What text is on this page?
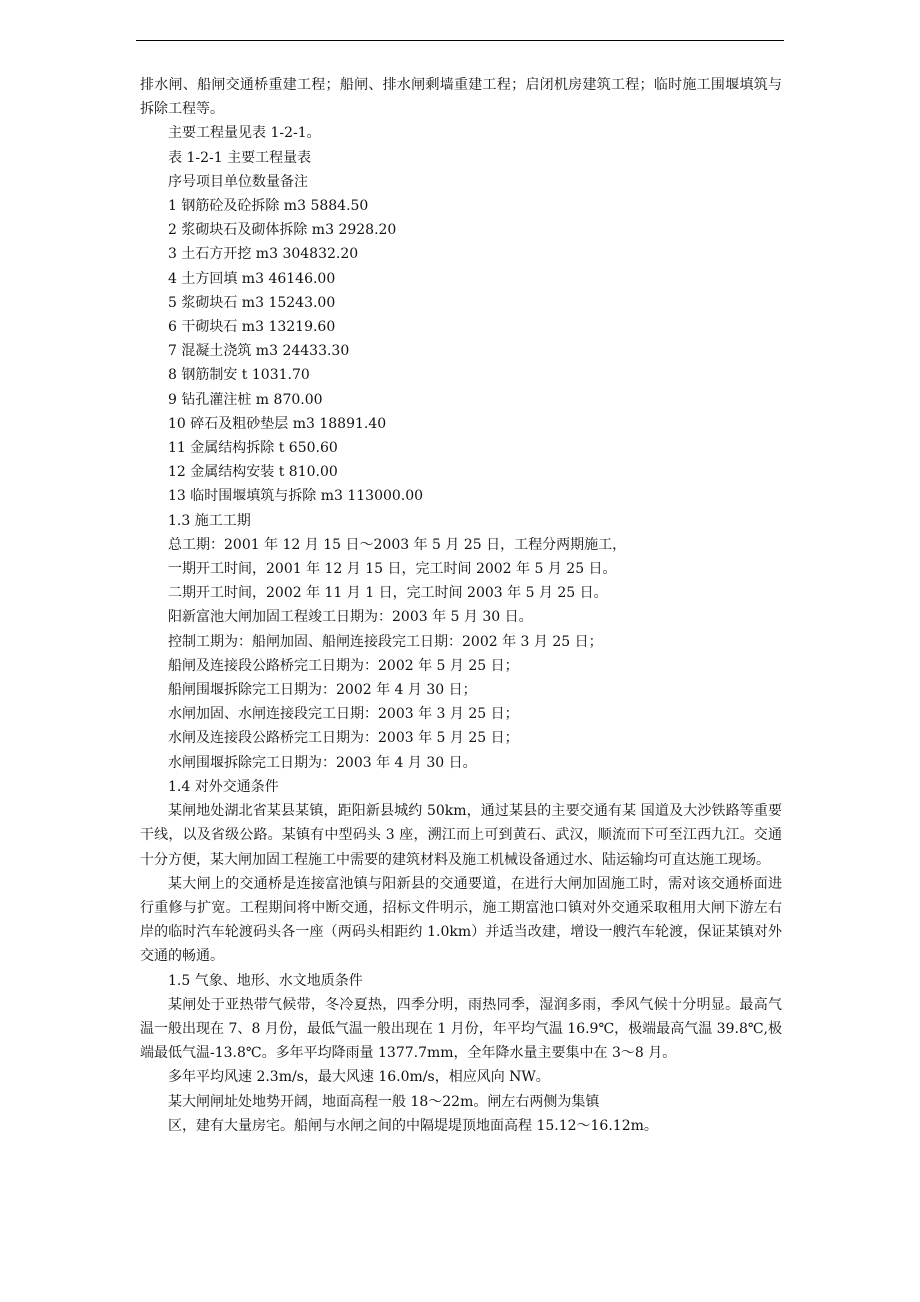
排水闸、船闸交通桥重建工程；船闸、排水闸剩墙重建工程；启闭机房建筑工程；临时施工围堰填筑与拆除工程等。

主要工程量见表 1-2-1。

表 1-2-1 主要工程量表

序号项目单位数量备注

1 钢筋砼及砼拆除 m3 5884.50

2 浆砌块石及砌体拆除 m3 2928.20

3 土石方开挖 m3 304832.20

4 土方回填 m3 46146.00

5 浆砌块石 m3 15243.00

6 干砌块石 m3 13219.60

7 混凝土浇筑 m3 24433.30

8 钢筋制安 t 1031.70

9 钻孔灌注桩 m 870.00

10 碎石及粗砂垫层 m3 18891.40

11 金属结构拆除 t 650.60

12 金属结构安装 t 810.00

13 临时围堰填筑与拆除 m3 113000.00

1.3 施工工期

总工期：2001 年 12 月 15 日～2003 年 5 月 25 日，工程分两期施工，

一期开工时间，2001 年 12 月 15 日，完工时间 2002 年 5 月 25 日。

二期开工时间，2002 年 11 月 1 日，完工时间 2003 年 5 月 25 日。

阳新富池大闸加固工程竣工日期为：2003 年 5 月 30 日。

控制工期为：船闸加固、船闸连接段完工日期：2002 年 3 月 25 日；

船闸及连接段公路桥完工日期为：2002 年 5 月 25 日；

船闸围堰拆除完工日期为：2002 年 4 月 30 日；

水闸加固、水闸连接段完工日期：2003 年 3 月 25 日；

水闸及连接段公路桥完工日期为：2003 年 5 月 25 日；

水闸围堰拆除完工日期为：2003 年 4 月 30 日。

1.4 对外交通条件

某闸地处湖北省某县某镇，距阳新县城约 50km，通过某县的主要交通有某 国道及大沙铁路等重要干线，以及省级公路。某镇有中型码头 3 座，溯江而上可到黄石、武汉，顺流而下可至江西九江。交通十分方便，某大闸加固工程施工中需要的建筑材料及施工机械设备通过水、陆运输均可直达施工现场。

某大闸上的交通桥是连接富池镇与阳新县的交通要道，在进行大闸加固施工时，需对该交通桥面进行重修与扩宽。工程期间将中断交通，招标文件明示，施工期富池口镇对外交通采取租用大闸下游左右岸的临时汽车轮渡码头各一座（两码头相距约 1.0km）并适当改建，增设一艘汽车轮渡，保证某镇对外交通的畅通。

1.5 气象、地形、水文地质条件

某闸处于亚热带气候带，冬冷夏热，四季分明，雨热同季，湿润多雨，季风气候十分明显。最高气温一般出现在 7、8 月份，最低气温一般出现在 1 月份，年平均气温 16.9℃，极端最高气温 39.8℃,极端最低气温-13.8℃。多年平均降雨量 1377.7mm，全年降水量主要集中在 3～8 月。

多年平均风速 2.3m/s，最大风速 16.0m/s，相应风向 NW。

某大闸闸址处地势开阔，地面高程一般 18～22m。闸左右两侧为集镇

区，建有大量房宅。船闸与水闸之间的中隔堤堤顶地面高程 15.12～16.12m。
